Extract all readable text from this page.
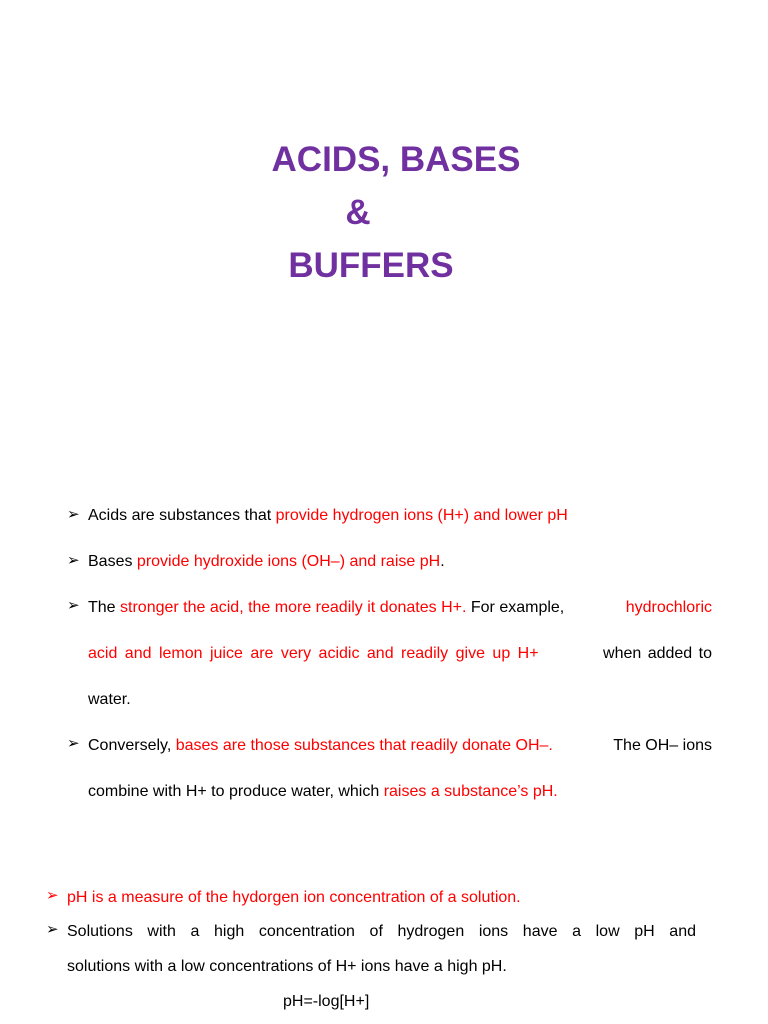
ACIDS, BASES
&
BUFFERS
➢ Acids are substances that provide hydrogen ions (H+) and lower pH
➢ Bases provide hydroxide ions (OH–) and raise pH.
➢ The stronger the acid, the more readily it donates H+. For example,	hydrochloric
acid and lemon juice are very acidic and readily give up H+	when added to
water.
➢ Conversely, bases are those substances that readily donate OH–.	The OH– ions
combine with H+ to produce water, which raises a substance’s pH.
➢ pH is a measure of the hydorgen ion concentration of a solution.
➢ Solutions with a high concentration of hydrogen ions have a low pH and
solutions with a low concentrations of H+ ions have a high pH.
pH=-log[H+]
